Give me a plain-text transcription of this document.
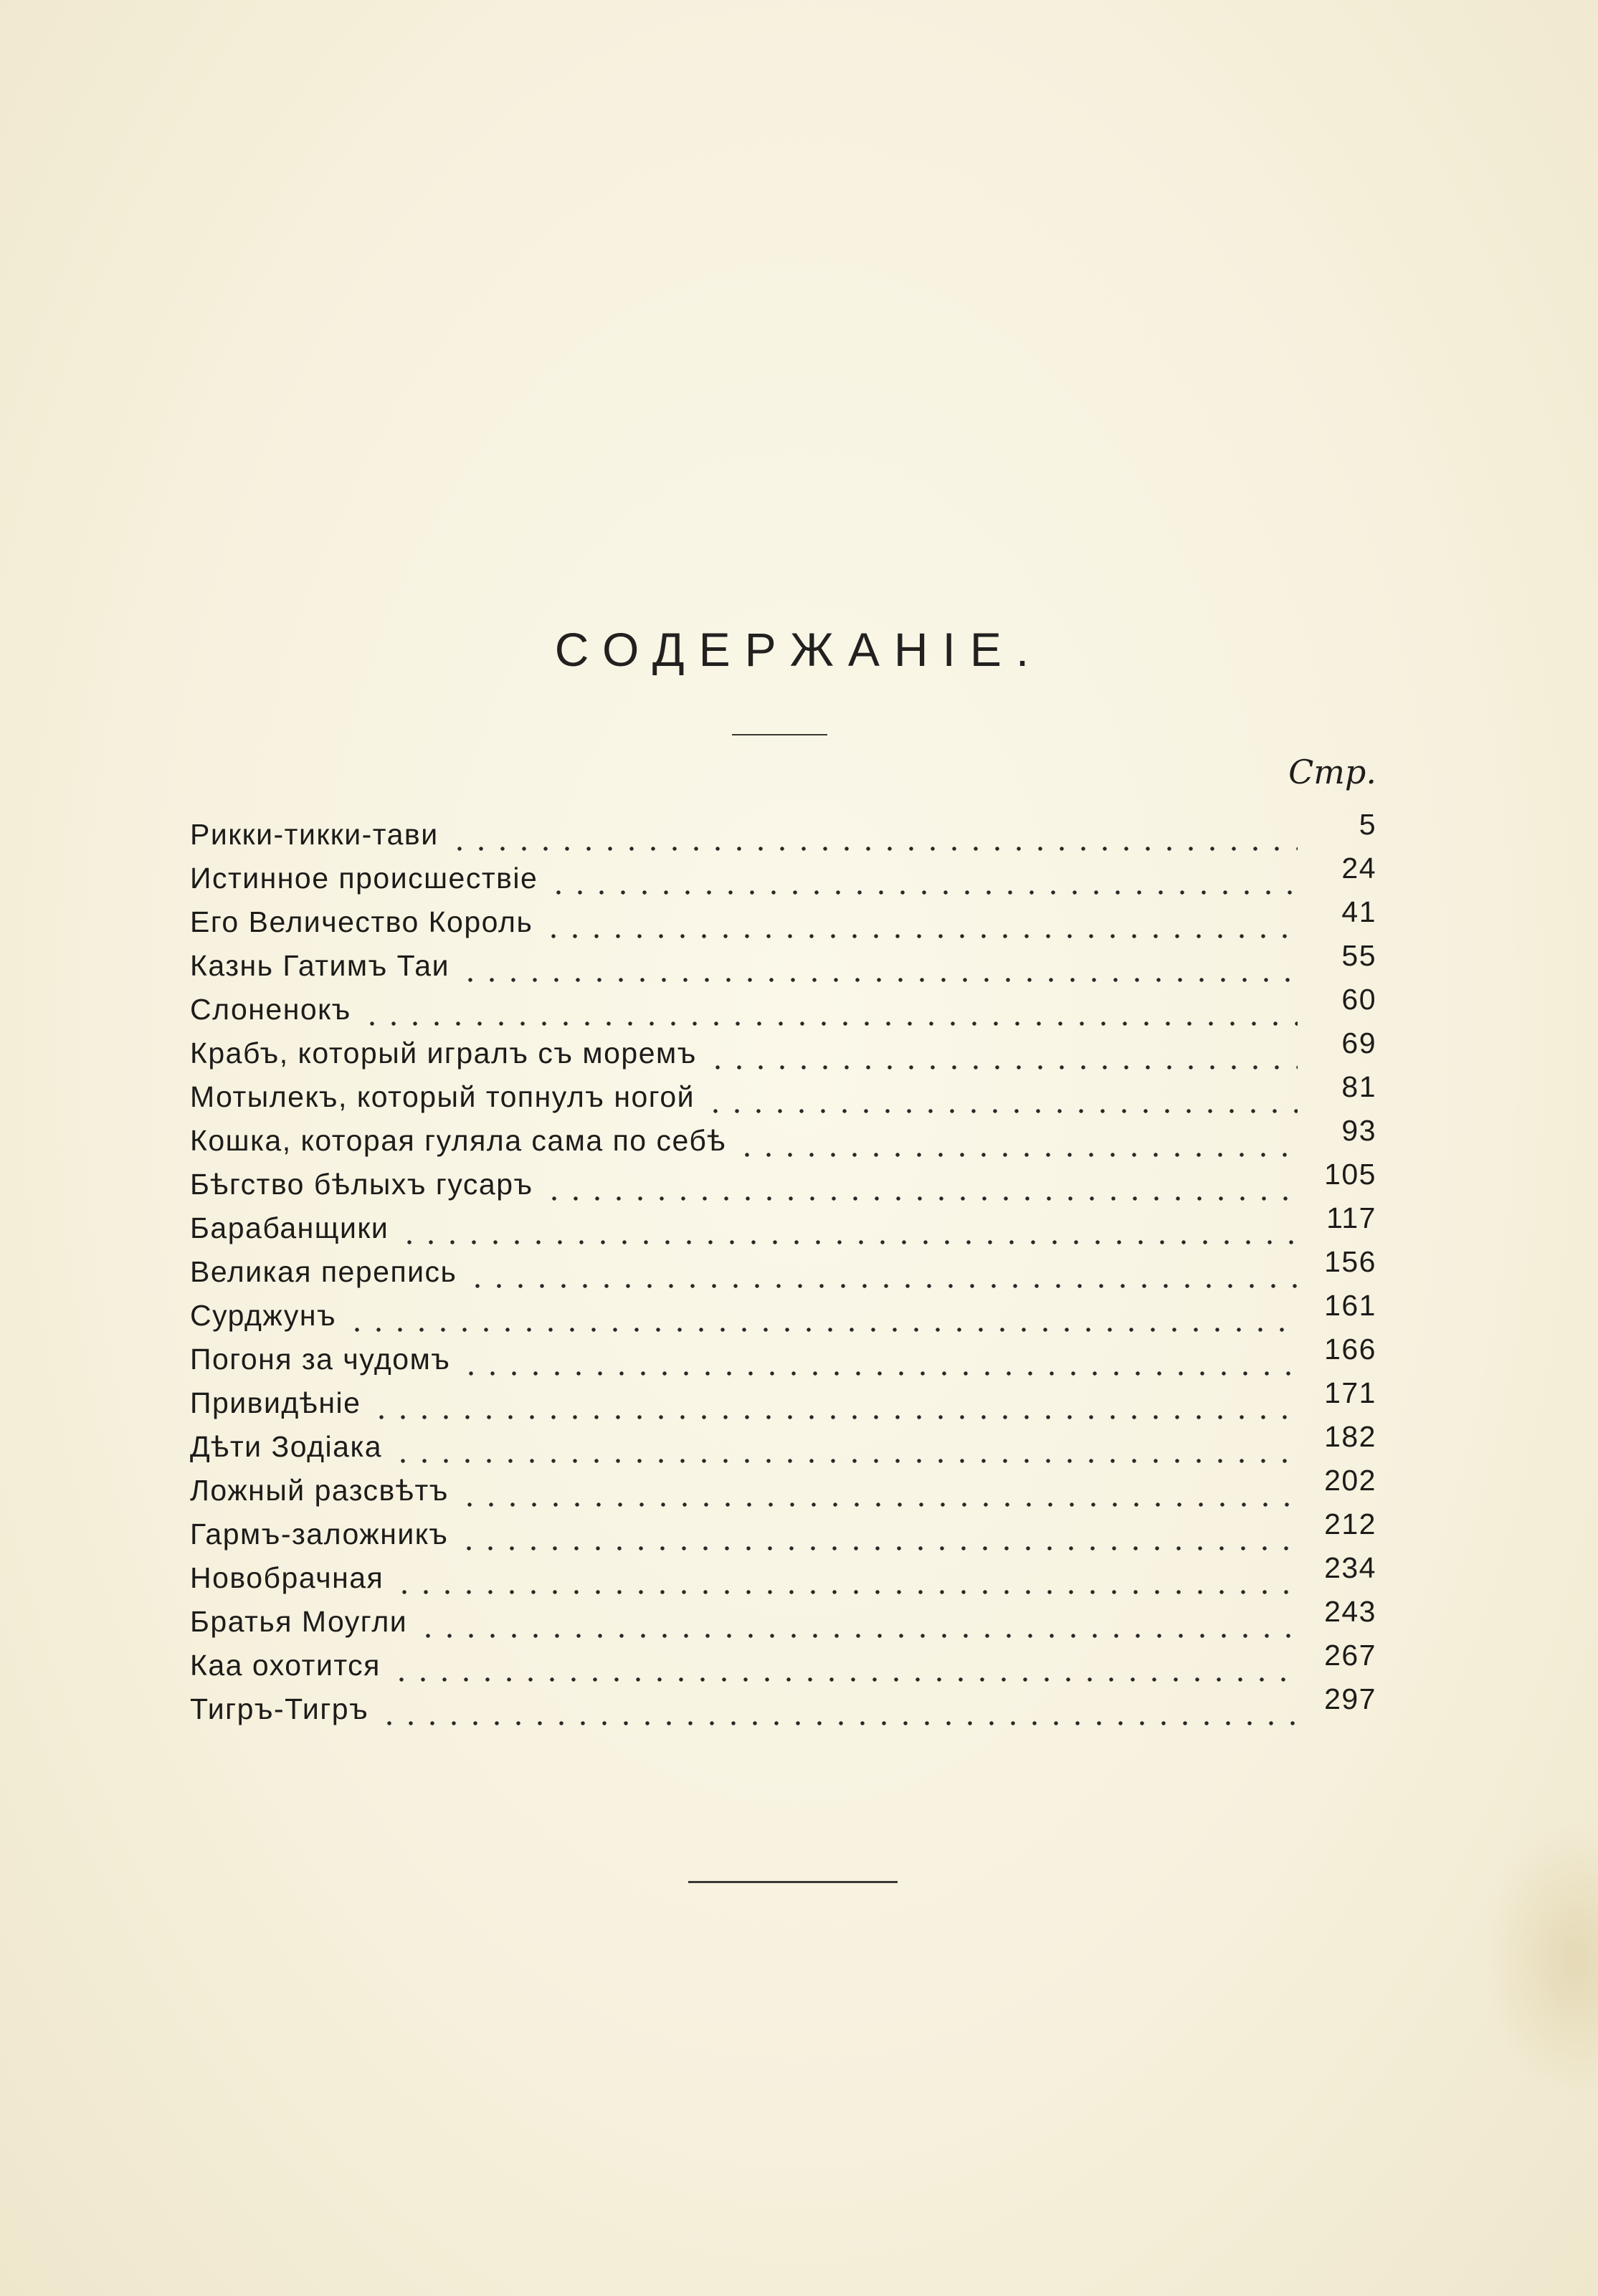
СОДЕРЖАНІЕ.
Стр.
Рикки-тикки-тави	5
Истинное происшествіе	24
Его Величество Король	41
Казнь Гатимъ Таи	55
Слоненокъ	60
Крабъ, который игралъ съ моремъ	69
Мотылекъ, который топнулъ ногой	81
Кошка, которая гуляла сама по себѣ	93
Бѣгство бѣлыхъ гусаръ	105
Барабанщики	117
Великая перепись	156
Сурджунъ	161
Погоня за чудомъ	166
Привидѣніе	171
Дѣти Зодіака	182
Ложный разсвѣтъ	202
Гармъ-заложникъ	212
Новобрачная	234
Братья Моугли	243
Каа охотится	267
Тигръ-Тигръ	297
